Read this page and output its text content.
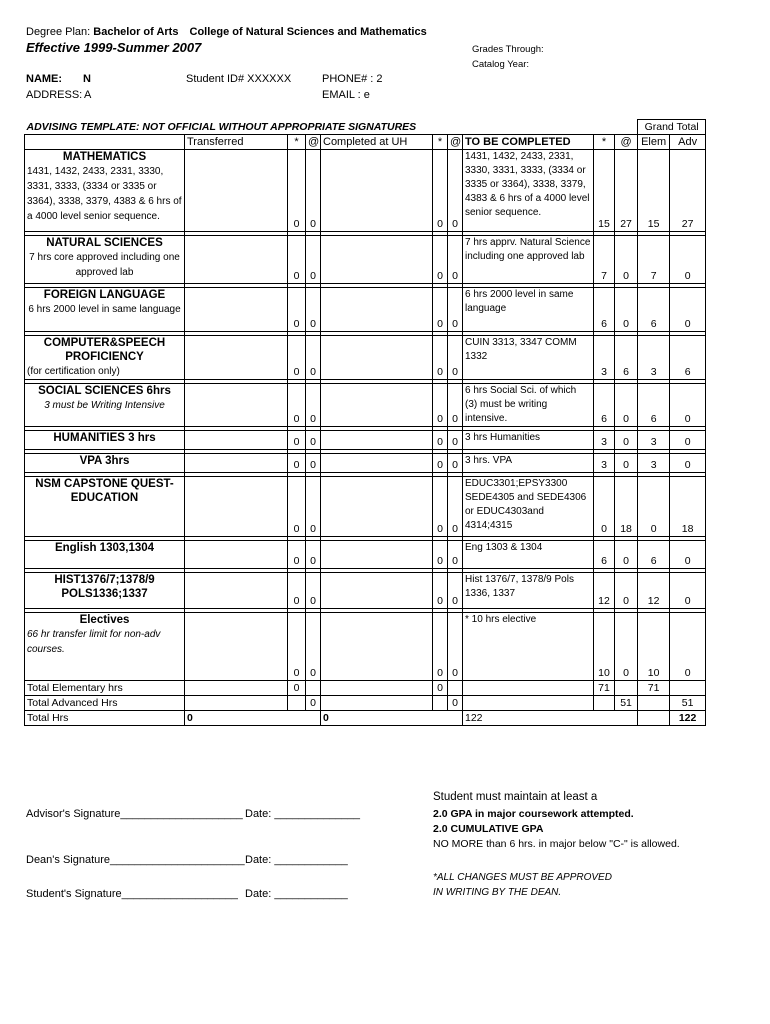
Degree Plan: Bachelor of Arts College of Natural Sciences and Mathematics
Effective 1999-Summer 2007	Grades Through:
Catalog Year:
NAME: N	Student ID# XXXXXX	PHONE# : 2
ADDRESS: A	EMAIL : e
ADVISING TEMPLATE: NOT OFFICIAL WITHOUT APPROPRIATE SIGNATURES										Grand Total	
	Transferred	*	@	Completed at UH	*	@	TO BE COMPLETED	*	@	Elem	Adv

MATHEMATICS
1431, 1432, 2433, 2331, 3330, 3331, 3333, (3334 or 3335 or 3364), 3338, 3379, 4383 & 6 hrs of a 4000 level senior sequence.		0	0		0	0	1431, 1432, 2433, 2331, 3330, 3331, 3333, (3334 or 3335 or 3364), 3338, 3379, 4383 & 6 hrs of a 4000 level senior sequence.	15	27	15	27

NATURAL SCIENCES
7 hrs core approved including one approved lab		0	0		0	0	7 hrs apprv. Natural Science including one approved lab	7	0	7	0

FOREIGN LANGUAGE
6 hrs 2000 level in same language		0	0		0	0	6 hrs 2000 level in same language	6	0	6	0

COMPUTER&SPEECH PROFICIENCY
(for certification only)		0	0		0	0	CUIN 3313, 3347 COMM 1332	3	6	3	6

SOCIAL SCIENCES 6hrs
3 must be Writing Intensive		0	0		0	0	6 hrs Social Sci. of which (3) must be writing intensive.	6	0	6	0

HUMANITIES 3 hrs		0	0		0	0	3 hrs Humanities	3	0	3	0

VPA 3hrs		0	0		0	0	3 hrs. VPA	3	0	3	0

NSM CAPSTONE QUEST-EDUCATION		0	0		0	0	EDUC3301;EPSY3300 SEDE4305 and SEDE4306 or EDUC4303and 4314;4315	0	18	0	18

English 1303,1304		0	0		0	0	Eng 1303 & 1304	6	0	6	0

HIST1376/7;1378/9 POLS1336;1337		0	0		0	0	Hist 1376/7, 1378/9 Pols 1336, 1337	12	0	12	0

Electives
66 hr transfer limit for non-adv courses.		0	0		0	0	* 10 hrs elective	10	0	10	0
Total Elementary hrs		0			0			71		71	
Total Advanced Hrs			0			0			51		51
Total Hrs	0			0			122				122
Advisor's Signature____________________ Date: ______________
Dean's Signature______________________ Date: ____________
Student's Signature___________________ Date: ____________
Student must maintain at least a
2.0 GPA in major coursework attempted.
2.0 CUMULATIVE GPA
NO MORE than 6 hrs. in major below "C-" is allowed.
*ALL CHANGES MUST BE APPROVED
IN WRITING BY THE DEAN.
